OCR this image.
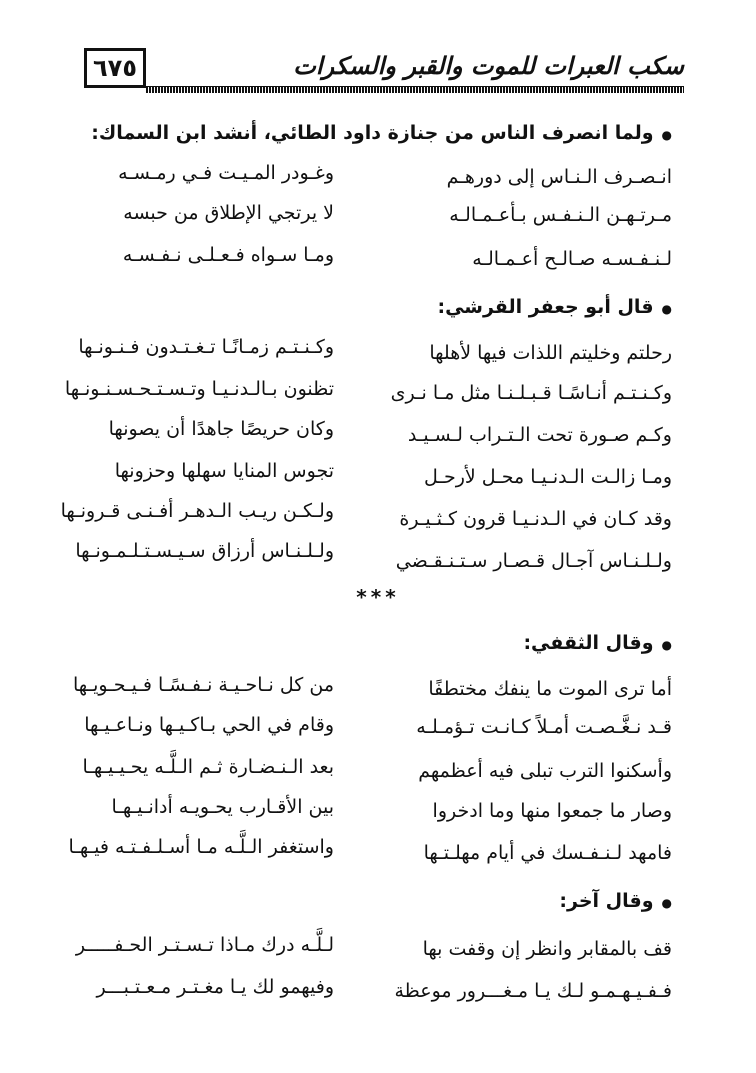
٦٧٥	سكب العبرات للموت والقبر والسكرات
●ولما انصرف الناس من جنازة داود الطائي، أنشد ابن السماك:
انـصـرف الـنـاس إلى دورهـم
وغـودر المـيـت فـي رمـسـه
مـرتـهـن الـنـفـس بـأعـمـالـه
لا يرتجي الإطلاق من حبسه
لـنـفـسـه صـالـح أعـمـالـه
ومـا سـواه فـعـلـى نـفـسـه
●قال أبو جعفر القرشي:
رحلتم وخليتم اللذات فيها لأهلها
وكـنـتـم زمـانًـا تـغـتـدون فـنـونـها
وكـنـتـم أنـاسًـا قـبـلـنـا مثل مـا نـرى
تظنون بـالـدنـيـا وتـسـتـحـسـنـونـها
وكـم صـورة تحت الـتـراب لـسـيـد
وكان حريصًا جاهدًا أن يصونها
ومـا زالـت الـدنـيـا محـل لأرحـل
تجوس المنايا سهلها وحزونها
وقد كـان في الـدنـيـا قرون كـثـيـرة
ولـكـن ريـب الـدهـر أفـنـى قـرونـها
ولـلـنـاس آجـال قـصـار سـتـنـقـضي
ولـلـنـاس أرزاق سـيـسـتـلـمـونـها
***
●وقال الثقفي:
أما ترى الموت ما ينفك مختطفًا
من كل نـاحـيـة نـفـسًـا فـيـحـويـها
قـد نـغَّـصـت أمـلاً كـانـت تـؤمـلـه
وقام في الحي بـاكـيـها ونـاعـيـها
وأسكنوا الترب تبلى فيه أعظمهم
بعد الـنـضـارة ثـم الـلَّـه يحـيـيـهـا
وصار ما جمعوا منها وما ادخروا
بين الأقـارب يحـويـه أدانـيـهـا
فامهد لـنـفـسك في أيام مهلـتـها
واستغفر الـلَّـه مـا أسـلـفـتـه فيـهـا
●وقال آخر:
قف بالمقابر وانظر إن وقفت بها
لـلَّـه درك مـاذا تـسـتـر الحـفـــــر
فـفـيـهـمـو لـك يـا مـغـــرور موعظة
وفيهمو لك يـا مغـتـر مـعـتـبـــر
